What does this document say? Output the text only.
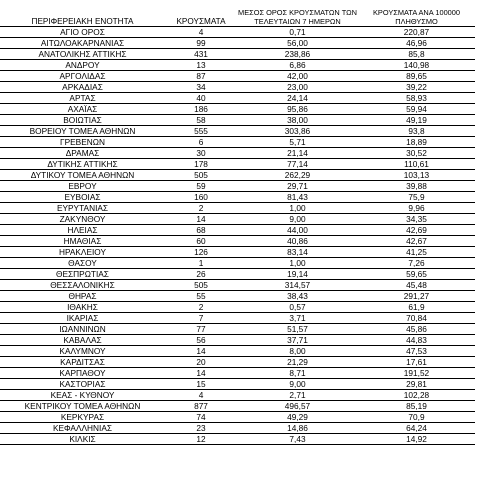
ΠΕΡΙΦΕΡΕΙΑΚΗ ΕΝΟΤΗΤΑ	ΚΡΟΥΣΜΑΤΑ	ΜΕΣΟΣ ΟΡΟΣ ΚΡΟΥΣΜΑΤΩΝ ΤΩΝ ΤΕΛΕΥΤΑΙΩΝ 7 ΗΜΕΡΩΝ	ΚΡΟΥΣΜΑΤΑ ΑΝΑ 100000 ΠΛΗΘΥΣΜΟ
ΑΓΙΟ ΟΡΟΣ	4	0,71	220,87
ΑΙΤΩΛΟΑΚΑΡΝΑΝΙΑΣ	99	56,00	46,96
ΑΝΑΤΟΛΙΚΗΣ ΑΤΤΙΚΗΣ	431	238,86	85,8
ΑΝΔΡΟΥ	13	6,86	140,98
ΑΡΓΟΛΙΔΑΣ	87	42,00	89,65
ΑΡΚΑΔΙΑΣ	34	23,00	39,22
ΑΡΤΑΣ	40	24,14	58,93
ΑΧΑΪΑΣ	186	95,86	59,94
ΒΟΙΩΤΙΑΣ	58	38,00	49,19
ΒΟΡΕΙΟΥ ΤΟΜΕΑ ΑΘΗΝΩΝ	555	303,86	93,8
ΓΡΕΒΕΝΩΝ	6	5,71	18,89
ΔΡΑΜΑΣ	30	21,14	30,52
ΔΥΤΙΚΗΣ ΑΤΤΙΚΗΣ	178	77,14	110,61
ΔΥΤΙΚΟΥ ΤΟΜΕΑ ΑΘΗΝΩΝ	505	262,29	103,13
ΕΒΡΟΥ	59	29,71	39,88
ΕΥΒΟΙΑΣ	160	81,43	75,9
ΕΥΡΥΤΑΝΙΑΣ	2	1,00	9,96
ΖΑΚΥΝΘΟΥ	14	9,00	34,35
ΗΛΕΙΑΣ	68	44,00	42,69
ΗΜΑΘΙΑΣ	60	40,86	42,67
ΗΡΑΚΛΕΙΟΥ	126	83,14	41,25
ΘΑΣΟΥ	1	1,00	7,26
ΘΕΣΠΡΩΤΙΑΣ	26	19,14	59,65
ΘΕΣΣΑΛΟΝΙΚΗΣ	505	314,57	45,48
ΘΗΡΑΣ	55	38,43	291,27
ΙΘΑΚΗΣ	2	0,57	61,9
ΙΚΑΡΙΑΣ	7	3,71	70,84
ΙΩΑΝΝΙΝΩΝ	77	51,57	45,86
ΚΑΒΑΛΑΣ	56	37,71	44,83
ΚΑΛΥΜΝΟΥ	14	8,00	47,53
ΚΑΡΔΙΤΣΑΣ	20	21,29	17,61
ΚΑΡΠΑΘΟΥ	14	8,71	191,52
ΚΑΣΤΟΡΙΑΣ	15	9,00	29,81
ΚΕΑΣ - ΚΥΘΝΟΥ	4	2,71	102,28
ΚΕΝΤΡΙΚΟΥ ΤΟΜΕΑ ΑΘΗΝΩΝ	877	496,57	85,19
ΚΕΡΚΥΡΑΣ	74	49,29	70,9
ΚΕΦΑΛΛΗΝΙΑΣ	23	14,86	64,24
ΚΙΛΚΙΣ	12	7,43	14,92
